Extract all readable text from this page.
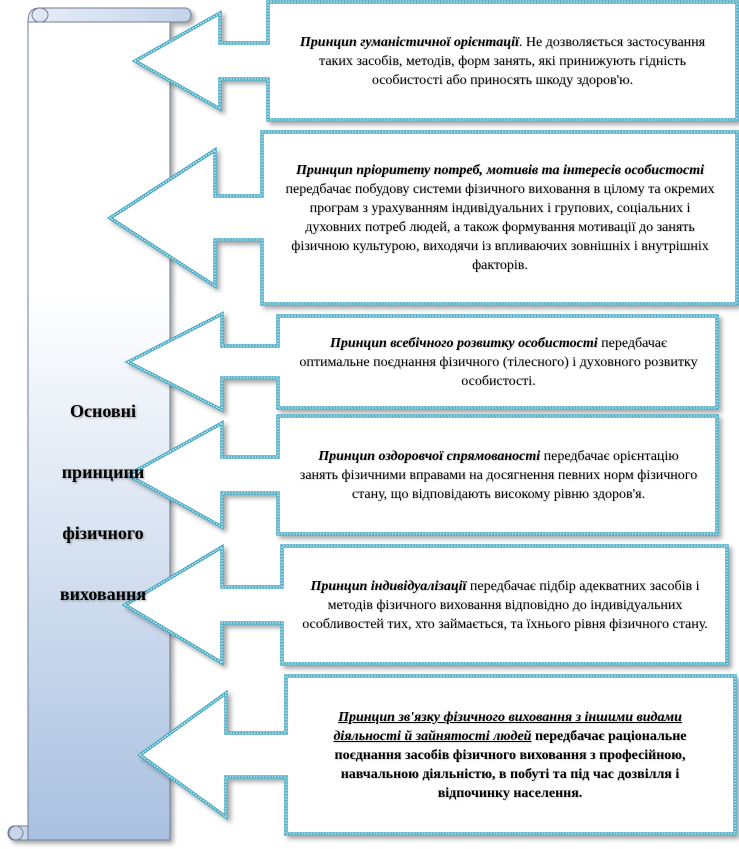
Основні
принципи
фізичного
виховання

Принцип гуманістичної орієнтації. Не дозволяється застосування таких засобів, методів, форм занять, які принижують гідність особистості або приносять шкоду здоров'ю.

Принцип пріоритету потреб, мотивів та інтересів особистості передбачає побудову системи фізичного виховання в цілому та окремих програм з урахуванням індивідуальних і групових, соціальних і духовних потреб людей, а також формування мотивації до занять фізичною культурою, виходячи із впливаючих зовнішніх і внутрішніх факторів.

Принцип всебічного розвитку особистості передбачає оптимальне поєднання фізичного (тілесного) і духовного розвитку особистості.

Принцип оздоровчої спрямованості передбачає орієнтацію занять фізичними вправами на досягнення певних норм фізичного стану, що відповідають високому рівню здоров'я.

Принцип індивідуалізації передбачає підбір адекватних засобів і методів фізичного виховання відповідно до індивідуальних особливостей тих, хто займається, та їхнього рівня фізичного стану.

Принцип зв'язку фізичного виховання з іншими видами діяльності й зайнятості людей передбачає раціональне поєднання засобів фізичного виховання з професійною, навчальною діяльністю, в побуті та під час дозвілля і відпочинку населення.
